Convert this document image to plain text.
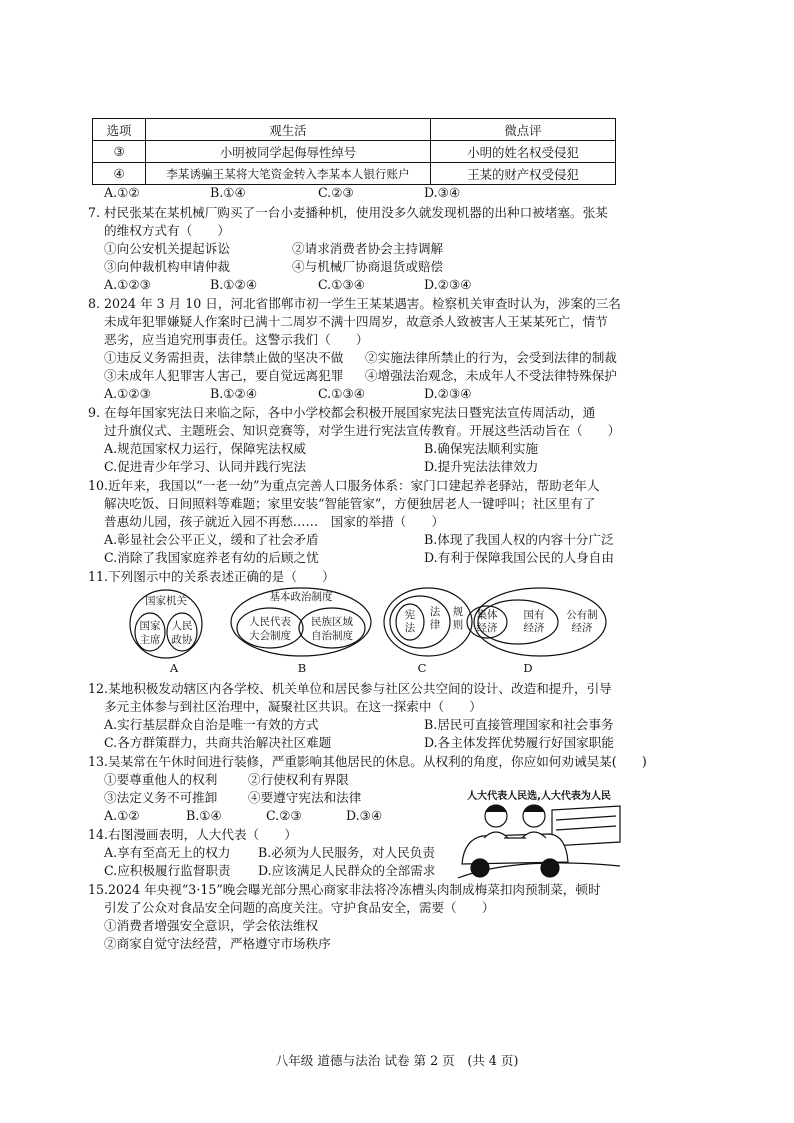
选项	观生活	微点评
③	小明被同学起侮辱性绰号	小明的姓名权受侵犯
④	李某诱骗王某将大笔资金转入李某本人银行账户	王某的财产权受侵犯
A.①②	B.①④	C.②③	D.③④
7. 村民张某在某机械厂购买了一台小麦播种机，使用没多久就发现机器的出种口被堵塞。张某
的维权方式有（　　）
①向公安机关提起诉讼	②请求消费者协会主持调解
③向仲裁机构申请仲裁	④与机械厂协商退货或赔偿
A.①②③	B.①②④	C.①③④	D.②③④
8. 2024 年 3 月 10 日，河北省邯郸市初一学生王某某遇害。检察机关审查时认为，涉案的三名
未成年犯罪嫌疑人作案时已满十二周岁不满十四周岁，故意杀人致被害人王某某死亡，情节
恶劣，应当追究刑事责任。这警示我们（　　）
①违反义务需担责，法律禁止做的坚决不做 ②实施法律所禁止的行为，会受到法律的制裁
③未成年人犯罪害人害己，要自觉远离犯罪 ④增强法治观念，未成年人不受法律特殊保护
A.①②③	B.①②④	C.①③④	D.②③④
9. 在每年国家宪法日来临之际，各中小学校都会积极开展国家宪法日暨宪法宣传周活动，通
过升旗仪式、主题班会、知识竞赛等，对学生进行宪法宣传教育。开展这些活动旨在（　　）
A.规范国家权力运行，保障宪法权威	B.确保宪法顺利实施
C.促进青少年学习、认同并践行宪法	D.提升宪法法律效力
10.近年来，我国以“一老一幼”为重点完善人口服务体系：家门口建起养老驿站，帮助老年人
解决吃饭、日间照料等难题；家里安装“智能管家”，方便独居老人一键呼叫；社区里有了
普惠幼儿园，孩子就近入园不再愁……　国家的举措（　　）
A.彰显社会公平正义，缓和了社会矛盾	B.体现了我国人权的内容十分广泛
C.消除了我国家庭养老有幼的后顾之忧	D.有利于保障我国公民的人身自由
11.下列图示中的关系表述正确的是（　　）
国家机关
国家
主席
人民
政协
A
基本政治制度
人民代表
大会制度
民族区域
自治制度
B
宪
法
法
律
规
则
C
集体
经济
国有
经济
公有制
经济
D
12.某地积极发动辖区内各学校、机关单位和居民参与社区公共空间的设计、改造和提升，引导
多元主体参与到社区治理中，凝聚社区共识。在这一探索中（　　）
A.实行基层群众自治是唯一有效的方式	B.居民可直接管理国家和社会事务
C.各方群策群力，共商共治解决社区难题	D.各主体发挥优势履行好国家职能
13.吴某常在午休时间进行装修，严重影响其他居民的休息。从权利的角度，你应如何劝诫吴某(　　)
①要尊重他人的权利 ②行使权利有界限
③法定义务不可推卸 ④要遵守宪法和法律
A.①②	B.①④	C.②③	D.③④
人大代表人民选,人大代表为人民
14.右图漫画表明，人大代表（　　）
A.享有至高无上的权力 B.必须为人民服务，对人民负责
C.应积极履行监督职责 D.应该满足人民群众的全部需求
15.2024 年央视“3·15”晚会曝光部分黑心商家非法将冷冻槽头肉制成梅菜扣肉预制菜，顿时
引发了公众对食品安全问题的高度关注。守护食品安全，需要（　　）
①消费者增强安全意识，学会依法维权
②商家自觉守法经营，严格遵守市场秩序
八年级 道德与法治 试卷 第 2 页　(共 4 页)
